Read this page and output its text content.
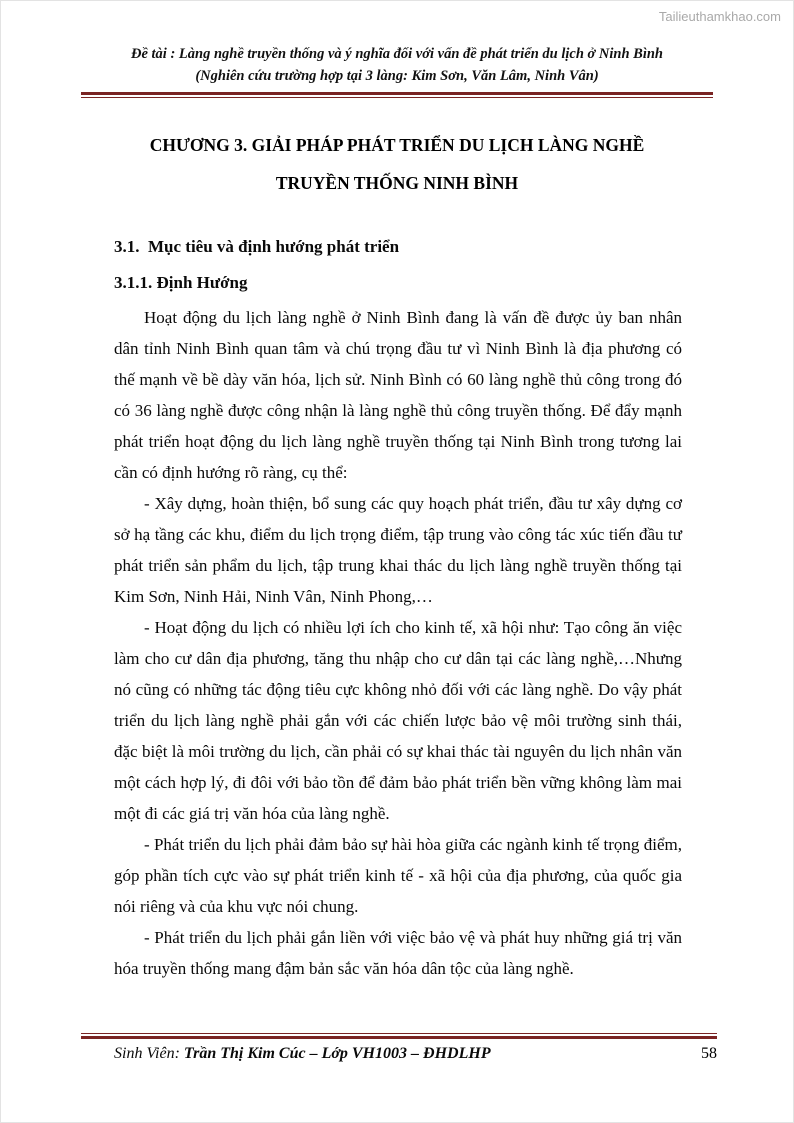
Tailieuthamkhao.com
Đề tài : Làng nghề truyền thống và ý nghĩa đối với vấn đề phát triển du lịch ở Ninh Bình
(Nghiên cứu trường hợp tại 3 làng: Kim Sơn, Văn Lâm, Ninh Vân)
CHƯƠNG 3. GIẢI PHÁP PHÁT TRIỂN DU LỊCH LÀNG NGHỀ
TRUYỀN THỐNG NINH BÌNH
3.1.  Mục tiêu và định hướng phát triển
3.1.1. Định Hướng

Hoạt động du lịch làng nghề ở Ninh Bình đang là vấn đề được ủy ban nhân dân tỉnh Ninh Bình quan tâm và chú trọng đầu tư vì Ninh Bình là địa phương có thế mạnh về bề dày văn hóa, lịch sử. Ninh Bình có 60 làng nghề thủ công trong đó có 36 làng nghề được công nhận là làng nghề thủ công truyền thống. Để đẩy mạnh phát triển hoạt động du lịch làng nghề truyền thống tại Ninh Bình trong tương lai cần có định hướng rõ ràng, cụ thể:

- Xây dựng, hoàn thiện, bổ sung các quy hoạch phát triển, đầu tư xây dựng cơ sở hạ tầng các khu, điểm du lịch trọng điểm, tập trung vào công tác xúc tiến đầu tư phát triển sản phẩm du lịch, tập trung khai thác du lịch làng nghề truyền thống tại Kim Sơn, Ninh Hải, Ninh Vân, Ninh Phong,…

- Hoạt động du lịch có nhiều lợi ích cho kinh tế, xã hội như: Tạo công ăn việc làm cho cư dân địa phương, tăng thu nhập cho cư dân tại các làng nghề,…Nhưng nó cũng có những tác động tiêu cực không nhỏ đối với các làng nghề. Do vậy phát triển du lịch làng nghề phải gắn với các chiến lược bảo vệ môi trường sinh thái, đặc biệt là môi trường du lịch, cần phải có sự khai thác tài nguyên du lịch nhân văn một cách hợp lý, đi đôi với bảo tồn để đảm bảo phát triển bền vững không làm mai một đi các giá trị văn hóa của làng nghề.

- Phát triển du lịch phải đảm bảo sự hài hòa giữa các ngành kinh tế trọng điểm, góp phần tích cực vào sự phát triển kinh tế - xã hội của địa phương, của quốc gia nói riêng và của khu vực nói chung.

- Phát triển du lịch phải gắn liền với việc bảo vệ và phát huy những giá trị văn hóa truyền thống mang đậm bản sắc văn hóa dân tộc của làng nghề.

Sinh Viên: Trần Thị Kim Cúc – Lớp VH1003 – ĐHDLHP	58
